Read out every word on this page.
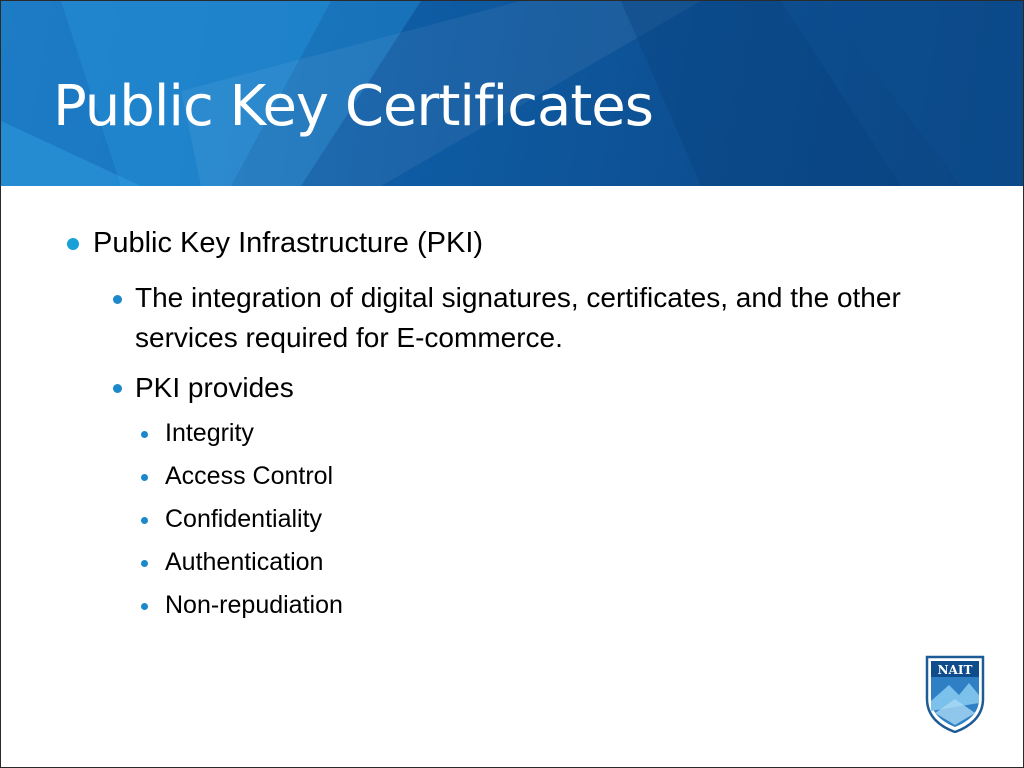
Public Key Certificates
Public Key Infrastructure (PKI)
The integration of digital signatures, certificates, and the other services required for E-commerce.
PKI provides
Integrity
Access Control
Confidentiality
Authentication
Non-repudiation
NAIT
